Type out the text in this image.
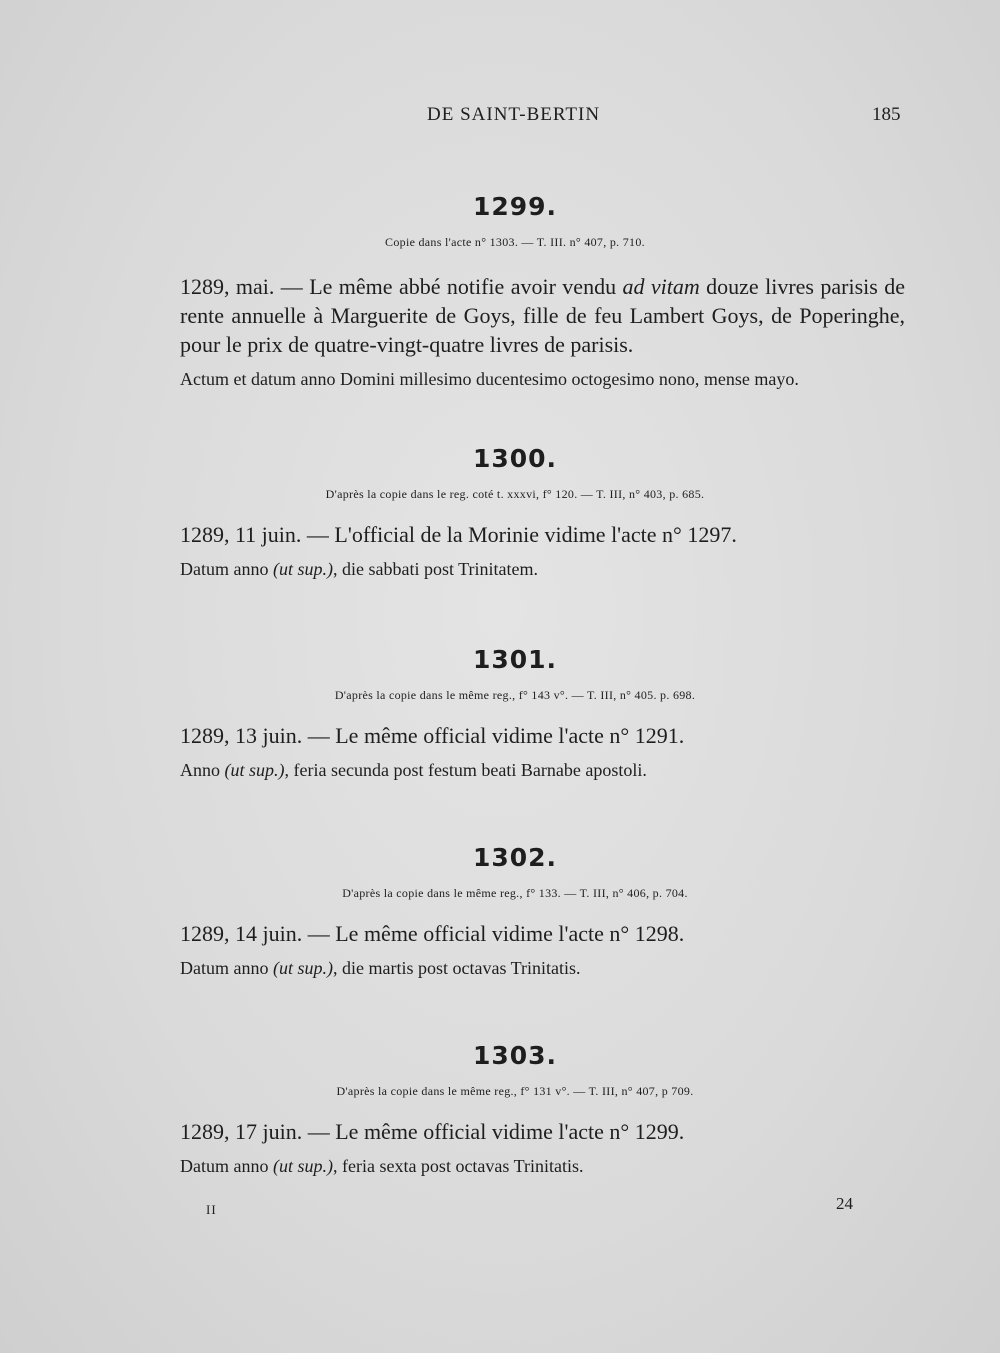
DE SAINT-BERTIN	185
1299.
Copie dans l'acte n° 1303. — T. III. n° 407, p. 710.
1289, mai. — Le même abbé notifie avoir vendu ad vitam douze livres parisis de rente annuelle à Marguerite de Goys, fille de feu Lambert Goys, de Poperinghe, pour le prix de quatre-vingt-quatre livres de parisis.
Actum et datum anno Domini millesimo ducentesimo octogesimo nono, mense mayo.
1300.
D'après la copie dans le reg. coté t. xxxvi, f° 120. — T. III, n° 403, p. 685.
1289, 11 juin. — L'official de la Morinie vidime l'acte n° 1297.
Datum anno (ut sup.), die sabbati post Trinitatem.
1301.
D'après la copie dans le même reg., f° 143 v°. — T. III, n° 405. p. 698.
1289, 13 juin. — Le même official vidime l'acte n° 1291.
Anno (ut sup.), feria secunda post festum beati Barnabe apostoli.
1302.
D'après la copie dans le même reg., f° 133. — T. III, n° 406, p. 704.
1289, 14 juin. — Le même official vidime l'acte n° 1298.
Datum anno (ut sup.), die martis post octavas Trinitatis.
1303.
D'après la copie dans le même reg., f° 131 v°. — T. III, n° 407, p 709.
1289, 17 juin. — Le même official vidime l'acte n° 1299.
Datum anno (ut sup.), feria sexta post octavas Trinitatis.
II	24
